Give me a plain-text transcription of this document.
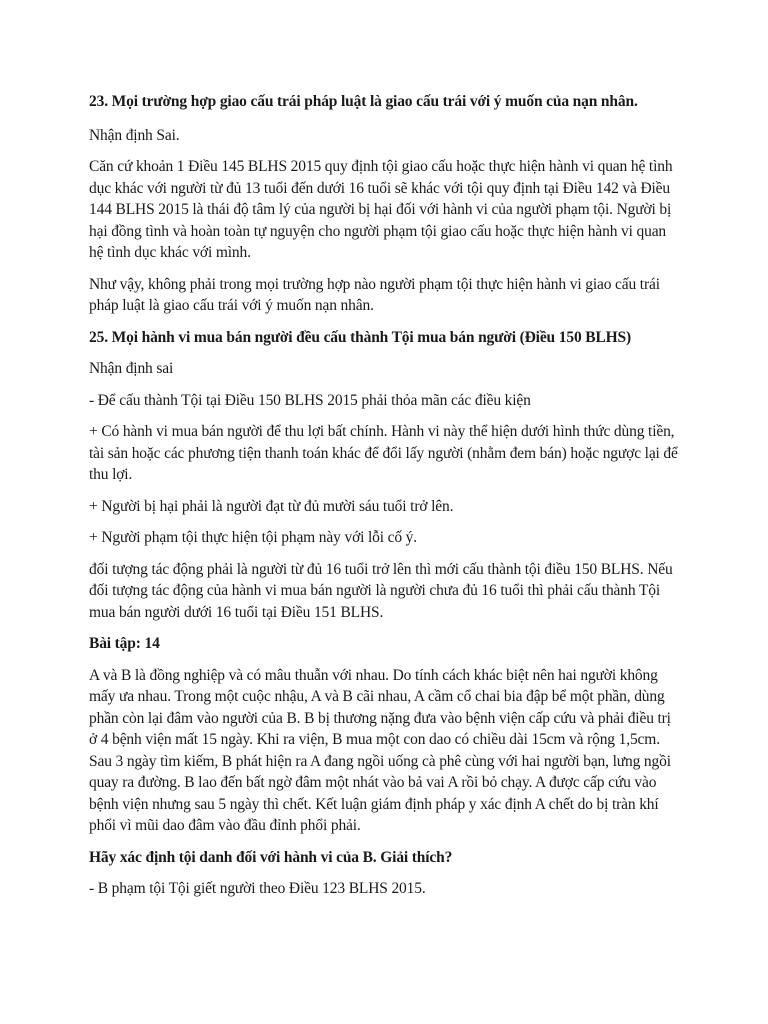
23. Mọi trường hợp giao cấu trái pháp luật là giao cấu trái với ý muốn của nạn nhân.

Nhận định Sai.

Căn cứ khoản 1 Điều 145 BLHS 2015 quy định tội giao cấu hoặc thực hiện hành vi quan hệ tình dục khác với người từ đủ 13 tuổi đến dưới 16 tuổi sẽ khác với tội quy định tại Điều 142 và Điều 144 BLHS 2015 là thái độ tâm lý của người bị hại đối với hành vi của người phạm tội. Người bị hại đồng tình và hoàn toàn tự nguyện cho người phạm tội giao cấu hoặc thực hiện hành vi quan hệ tình dục khác với mình.

Như vậy, không phải trong mọi trường hợp nào người phạm tội thực hiện hành vi giao cấu trái pháp luật là giao cấu trái với ý muốn nạn nhân.

25. Mọi hành vi mua bán người đều cấu thành Tội mua bán người (Điều 150 BLHS)

Nhận định sai

- Để cấu thành Tội tại Điều 150 BLHS 2015 phải thỏa mãn các điều kiện

+ Có hành vi mua bán người để thu lợi bất chính. Hành vi này thể hiện dưới hình thức dùng tiền, tài sản hoặc các phương tiện thanh toán khác để đổi lấy người (nhằm đem bán) hoặc ngược lại để thu lợi.

+ Người bị hại phải là người đạt từ đủ mười sáu tuổi trở lên.

+ Người phạm tội thực hiện tội phạm này với lỗi cố ý.

đối tượng tác động phải là người từ đủ 16 tuổi trở lên thì mới cấu thành tội điều 150 BLHS. Nếu đối tượng tác động của hành vi mua bán người là người chưa đủ 16 tuổi thì phải cấu thành Tội mua bán người dưới 16 tuổi tại Điều 151 BLHS.

Bài tập: 14

A và B là đồng nghiệp và có mâu thuẫn với nhau. Do tính cách khác biệt nên hai người không mấy ưa nhau. Trong một cuộc nhậu, A và B cãi nhau, A cầm cổ chai bia đập bể một phần, dùng phần còn lại đâm vào người của B. B bị thương nặng đưa vào bệnh viện cấp cứu và phải điều trị ở 4 bệnh viện mất 15 ngày. Khi ra viện, B mua một con dao có chiều dài 15cm và rộng 1,5cm. Sau 3 ngày tìm kiếm, B phát hiện ra A đang ngồi uống cà phê cùng với hai người bạn, lưng ngồi quay ra đường. B lao đến bất ngờ đâm một nhát vào bả vai A rồi bỏ chạy. A được cấp cứu vào bệnh viện nhưng sau 5 ngày thì chết. Kết luận giám định pháp y xác định A chết do bị tràn khí phổi vì mũi dao đâm vào đầu đỉnh phổi phải.

Hãy xác định tội danh đối với hành vi của B. Giải thích?

- B phạm tội Tội giết người theo Điều 123 BLHS 2015.
